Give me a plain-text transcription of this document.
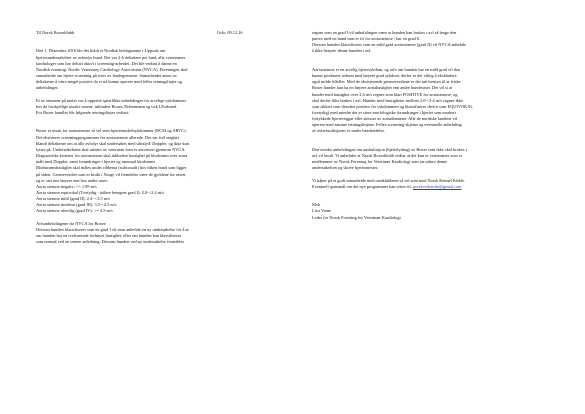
Til Norsk Boxerklubb	Oslo, 09.12.16

Den 1. Desember 2016 ble det holdt et Nordisk heldagsmøte i Uppsala om
hjertesundersøkelser av avhudyr hund. Det var 2-6 deltakere per land, alle veterinærer
kardiologer som har deltatt aktivt i screening-arbeidet. Det ble vedtatt å danne en
Nordisk forening: Nordic Veterinary Cardiology Association (NVCA). Foreningen skal
samarbeide om hjerte-screening på tvers av landegrensene. Samarbeidet anses av
deltakerne å være meget positivt da vi nå kunne operere med felles retningslinjer og
anbefalinger.

Et av temaene på møtet var å opprette spesifikke anbefalinger for arvelige sykdommer
hos de forskjellige utsatte rasene, inkludert Boxer, Dobermann og irsk Ulvehund.
For Boxer handles ble følgende retningslinjer vedtatt:

Boxer er utsatt for aortastenose så vel som hjertemuskelsykdommer (DCM og ARVC).
Det eksisterer screeningprogrammer for aortastenose allerede. Det var full enighet
blandt deltakerne om at alle avlsdyr skal undersøkes med ultralyd/ Doppler, og ikke kun
lyttes på. Undersøkelsene skal utføres av veterinær som er autorisert gjennom NVCA.
Diagnostiske kriterier for aortastenose skal inkludere hastighet på blodstrøm over aorta
målt med Doppler, samt forandringer i hjertet og unormal blodstrøm.
Blodstrømshastighet skal måles under ribbeina (subcostalt) hos våken hund som ligger
på siden. Grenseverdier som er brukt i Norge vil fremdeles være de gjeldene for rasen,
og er satt noe høyere enn hos andre raser:
Aorta stenose negativ: <= 1.99 m/s
Aorta stenose equivokal (Tvetydig - tidlere betegnet grad I): 2.0-<2.4 m/s
Aorta stenose mild (grad II): 2.4- <3.5 m/s
Aorta stenose moderat (grad III): 3.5-<4.5 m/s
Aorta stenose alvorlig (grad IV): >= 4.5 m/s

Avlsanbefalingene fra NVCA for Boxer:
Dersom hunden klassifiseres som en grad I vil man anbefale en ny undersøkelse for å se
om hunden har en tvelvarende forhøyet hastighet, eller om hunden kan klassifiseres
som normal ved en senere anledning. Dersom hunden ved ny undersøkelse fremdeles

regnes som en grad I vil anbefalingen være at hunden kan brukes i avl så lenge den
parres med en hund som er fri for aortastenose / har en grad 0.
Dersom hunden klassifiseres som en mild grad aortastenose (grad II) vil NVCA anbefale
å ikke benytte denne hunden i avl.

Aortastenose er en arvelig hjertesykdom, og selv om hunden har en mild grad vil den
kunne produsere avkom med høyere grad sykdom, derfor er det viktig å ekskludere
også milde tilfeller. Med de eksisterende grenseverdiene er det tatt hensyn til at friske
Boxer hunder kan ha en høyere aortahastighet enn andre hunderaser. Det vil si at
hunder med hastighet over 2.4 m/s regnes som klart POSITIVE for aortastenose, og
skal derfor ikke brukes i avl. Hunder med hastigheter mellom 2.0-<2.4 m/s regnes ikke
som sikkert som desidert positive for sykdommen og klassifiseres derfor som EQUIVOKAL
(tvetydig) med mindre det er store morfologiske forandringer i hjertet som markert
fortykkede hjerteveggar eller stenose av aortadiameter. Alle de nordiske landene vil
operere med samme retningslinjene. Felles screening-skjema og eventuelle anbefaling
av avlsrestriksjoner er under bearbeidelse.

Den norske anbefalingen om auskultasjon (hjertelytting) av Boxer som ikke skal brukes i
avl vil bestå. Vi anbefaler at Norsk Boxerklubb vedtar at det kun er veterinærer som er
medlemmer av Norsk Forening for Veterinær Kardiologi som tar utføre denne
undersøkelsen og skrive hjerteattester.

Vi håper på et godt samarbeide med raseklubbene så vel som med Norsk Kennel Klubb.
Eventuell spørsmål om det nye programmet kan rettes til: norskvetkardio@gmail.com

Mvh

Liva Vatne

Leder for Norsk Forening for Veterinær Kardiologi
